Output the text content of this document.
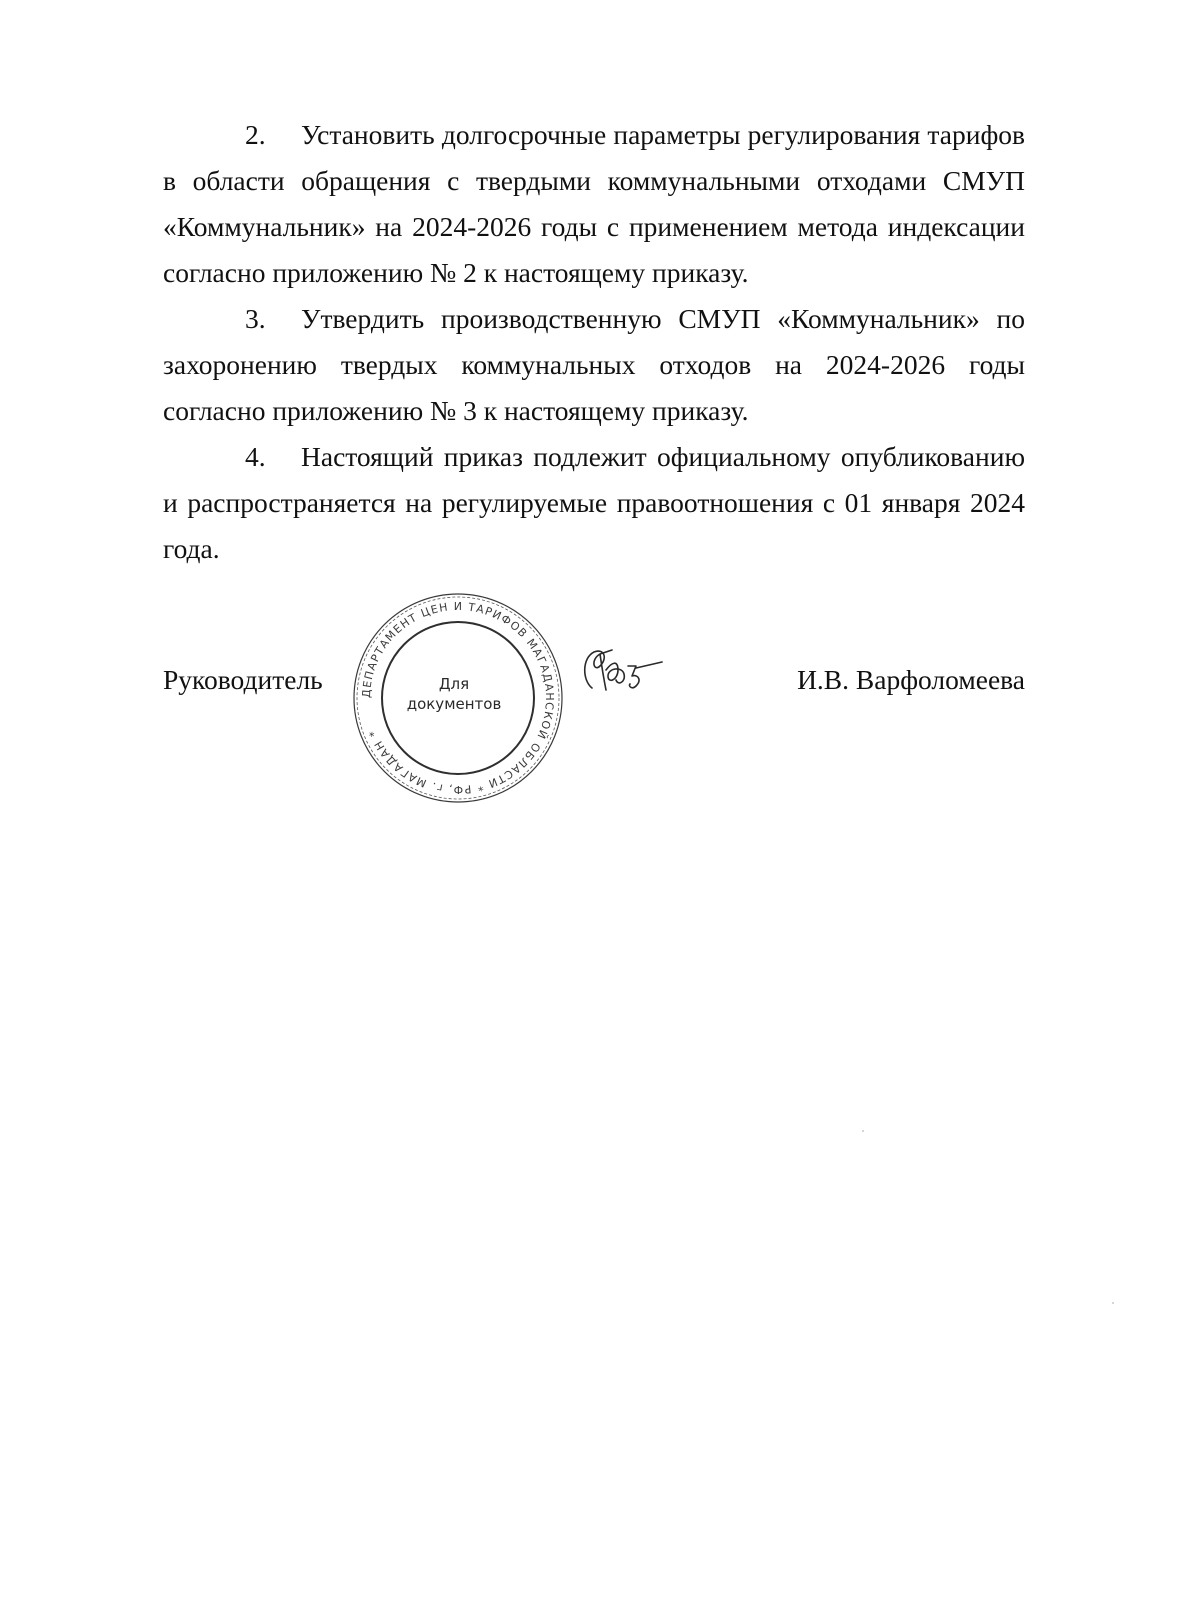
2. Установить долгосрочные параметры регулирования тарифов в области обращения с твердыми коммунальными отходами СМУП «Коммунальник» на 2024-2026 годы с применением метода индексации согласно приложению № 2 к настоящему приказу.

3. Утвердить производственную СМУП «Коммунальник» по захоронению твердых коммунальных отходов на 2024-2026 годы согласно приложению № 3 к настоящему приказу.

4. Настоящий приказ подлежит официальному опубликованию и распространяется на регулируемые правоотношения с 01 января 2024 года.

Руководитель	И.В. Варфоломеева
ДЕПАРТАМЕНТ ЦЕН И ТАРИФОВ МАГАДАНСКОЙ ОБЛАСТИ * РФ, г. МАГАДАН *
Для
документов
